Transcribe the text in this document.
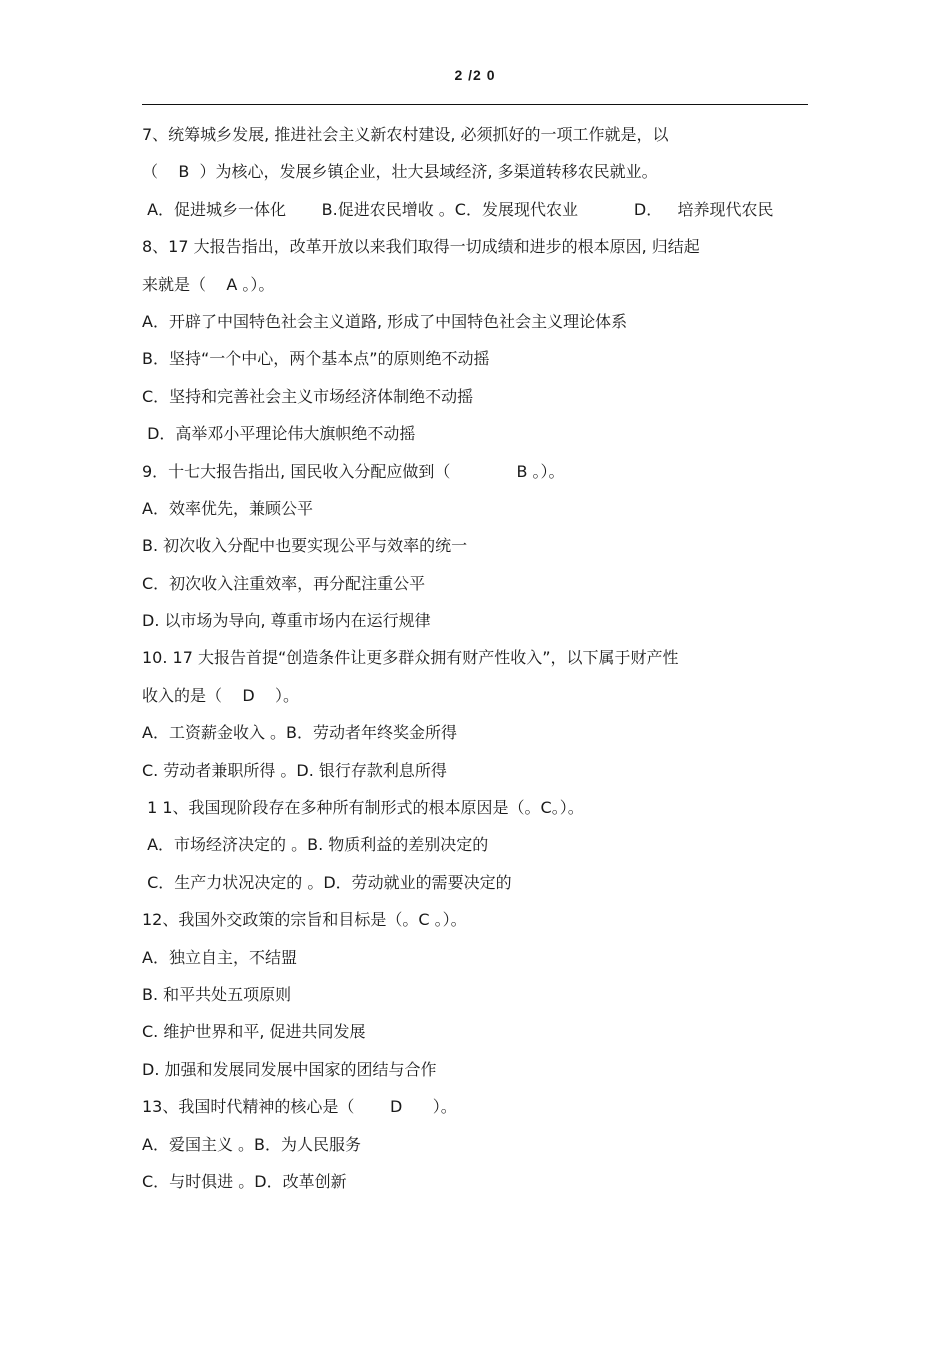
2 /2 0
7、统筹城乡发展, 推进社会主义新农村建设, 必须抓好的一项工作就是，以
（    B  ）为核心，发展乡镇企业，壮大县域经济, 多渠道转移农民就业。
A．促进城乡一体化       B.促进农民增收 。C．发展现代农业           D．   培养现代农民
8、17 大报告指出，改革开放以来我们取得一切成绩和进步的根本原因, 归结起
来就是（    A 。）。
A．开辟了中国特色社会主义道路, 形成了中国特色社会主义理论体系
B．坚持“一个中心，两个基本点”的原则绝不动摇
C．坚持和完善社会主义市场经济体制绝不动摇
D．高举邓小平理论伟大旗帜绝不动摇
9．十七大报告指出, 国民收入分配应做到（             B 。）。
A．效率优先，兼顾公平
B. 初次收入分配中也要实现公平与效率的统一
C．初次收入注重效率，再分配注重公平
D. 以市场为导向, 尊重市场内在运行规律
10. 17 大报告首提“创造条件让更多群众拥有财产性收入”，以下属于财产性
收入的是（    D    ）。
A．工资薪金收入 。B．劳动者年终奖金所得
C. 劳动者兼职所得 。D. 银行存款利息所得
1 1、我国现阶段存在多种所有制形式的根本原因是（。C。）。
A．市场经济决定的 。B. 物质利益的差别决定的
C．生产力状况决定的 。D．劳动就业的需要决定的
12、我国外交政策的宗旨和目标是（。C 。）。
A．独立自主，不结盟
B. 和平共处五项原则
C. 维护世界和平, 促进共同发展
D. 加强和发展同发展中国家的团结与合作
13、我国时代精神的核心是（       D      ）。
A．爱国主义 。B．为人民服务
C．与时俱进 。D．改革创新
